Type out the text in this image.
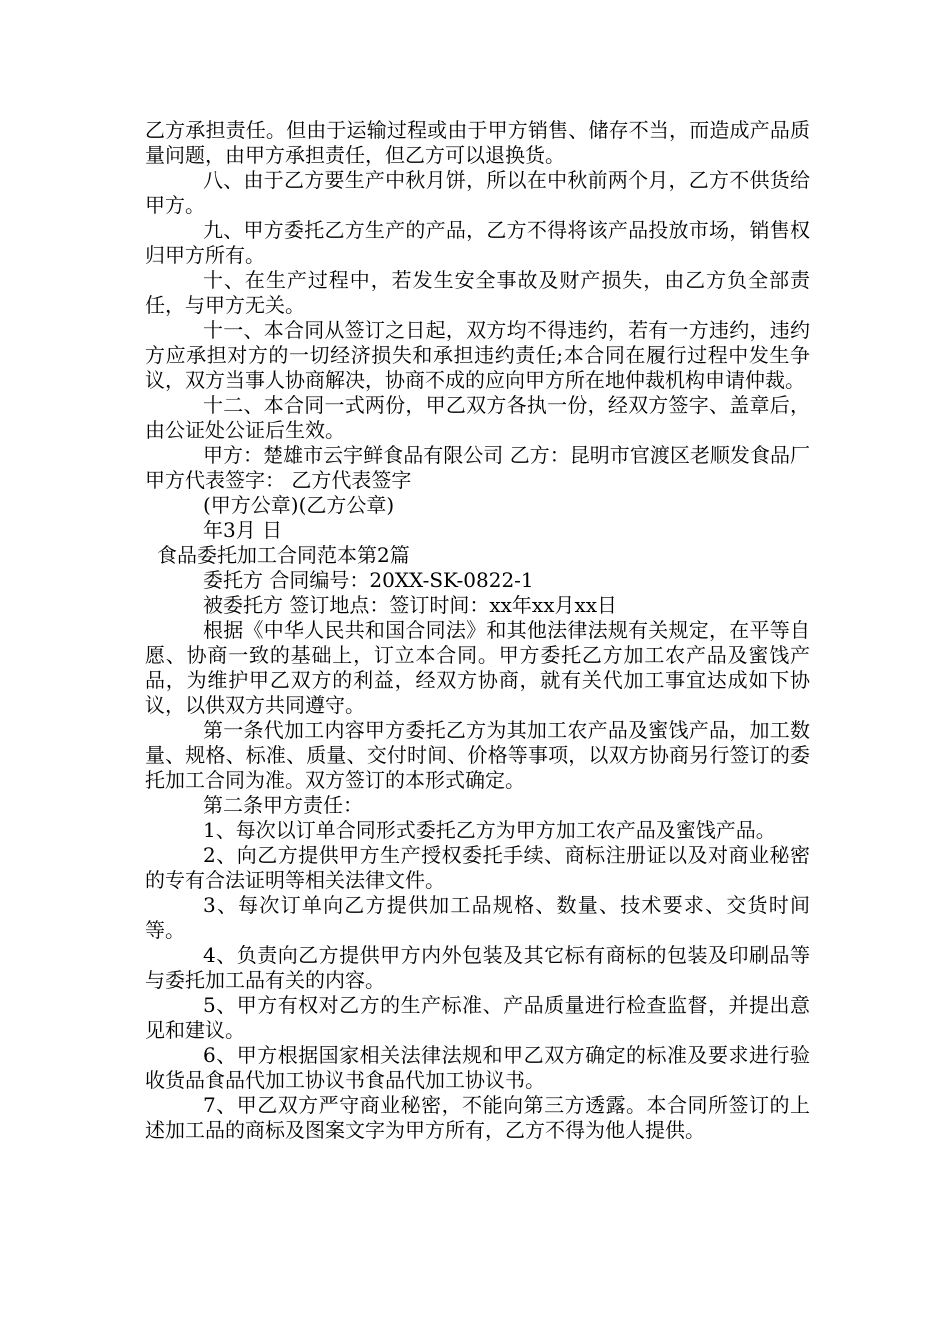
乙方承担责任。但由于运输过程或由于甲方销售、储存不当，而造成产品质量问题，由甲方承担责任，但乙方可以退换货。

八、由于乙方要生产中秋月饼，所以在中秋前两个月，乙方不供货给甲方。

九、甲方委托乙方生产的产品，乙方不得将该产品投放市场，销售权归甲方所有。

十、在生产过程中，若发生安全事故及财产损失，由乙方负全部责任，与甲方无关。

十一、本合同从签订之日起，双方均不得违约，若有一方违约，违约方应承担对方的一切经济损失和承担违约责任;本合同在履行过程中发生争议，双方当事人协商解决，协商不成的应向甲方所在地仲裁机构申请仲裁。

十二、本合同一式两份，甲乙双方各执一份，经双方签字、盖章后，由公证处公证后生效。

甲方：楚雄市云宇鲜食品有限公司 乙方：昆明市官渡区老顺发食品厂 甲方代表签字： 乙方代表签字

(甲方公章)(乙方公章)

年3月 日

食品委托加工合同范本第2篇

委托方 合同编号：20XX-SK-0822-1

被委托方 签订地点：签订时间：xx年xx月xx日

根据《中华人民共和国合同法》和其他法律法规有关规定，在平等自愿、协商一致的基础上，订立本合同。甲方委托乙方加工农产品及蜜饯产品，为维护甲乙双方的利益，经双方协商，就有关代加工事宜达成如下协议，以供双方共同遵守。

第一条代加工内容甲方委托乙方为其加工农产品及蜜饯产品，加工数量、规格、标准、质量、交付时间、价格等事项，以双方协商另行签订的委托加工合同为准。双方签订的本形式确定。

第二条甲方责任：

1、每次以订单合同形式委托乙方为甲方加工农产品及蜜饯产品。

2、向乙方提供甲方生产授权委托手续、商标注册证以及对商业秘密的专有合法证明等相关法律文件。

3、每次订单向乙方提供加工品规格、数量、技术要求、交货时间等。

4、负责向乙方提供甲方内外包装及其它标有商标的包装及印刷品等与委托加工品有关的内容。

5、甲方有权对乙方的生产标准、产品质量进行检查监督，并提出意见和建议。

6、甲方根据国家相关法律法规和甲乙双方确定的标准及要求进行验收货品食品代加工协议书食品代加工协议书。

7、甲乙双方严守商业秘密，不能向第三方透露。本合同所签订的上述加工品的商标及图案文字为甲方所有，乙方不得为他人提供。
